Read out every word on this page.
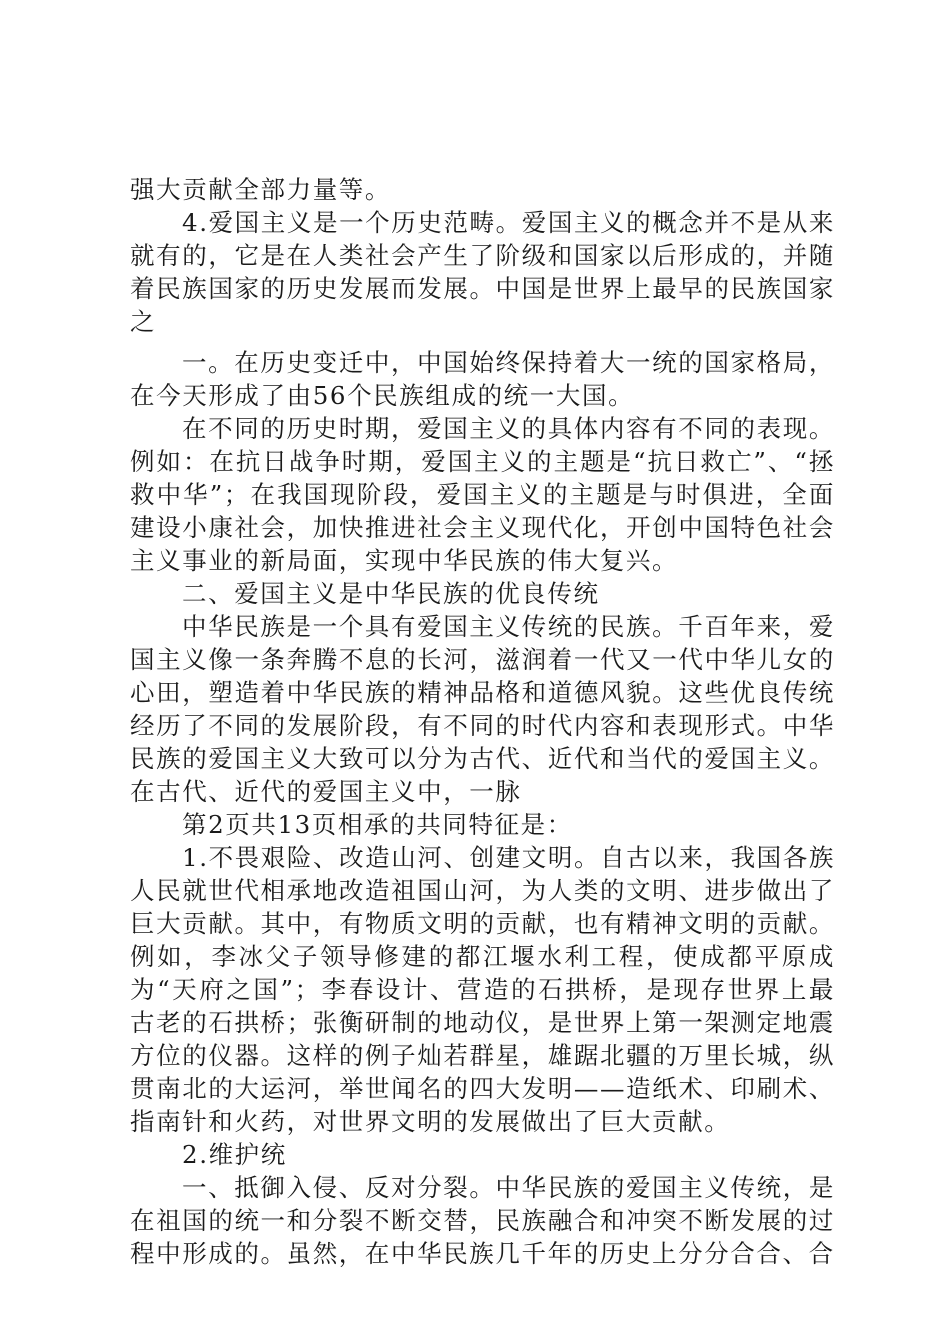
强大贡献全部力量等。

4.爱国主义是一个历史范畴。爱国主义的概念并不是从来就有的，它是在人类社会产生了阶级和国家以后形成的，并随着民族国家的历史发展而发展。中国是世界上最早的民族国家之

一。在历史变迁中，中国始终保持着大一统的国家格局，在今天形成了由56个民族组成的统一大国。

在不同的历史时期，爱国主义的具体内容有不同的表现。例如：在抗日战争时期，爱国主义的主题是“抗日救亡”、“拯救中华”；在我国现阶段，爱国主义的主题是与时俱进，全面建设小康社会，加快推进社会主义现代化，开创中国特色社会主义事业的新局面，实现中华民族的伟大复兴。

二、爱国主义是中华民族的优良传统

中华民族是一个具有爱国主义传统的民族。千百年来，爱国主义像一条奔腾不息的长河，滋润着一代又一代中华儿女的心田，塑造着中华民族的精神品格和道德风貌。这些优良传统经历了不同的发展阶段，有不同的时代内容和表现形式。中华民族的爱国主义大致可以分为古代、近代和当代的爱国主义。在古代、近代的爱国主义中，一脉

第2页共13页相承的共同特征是：

1.不畏艰险、改造山河、创建文明。自古以来，我国各族人民就世代相承地改造祖国山河，为人类的文明、进步做出了巨大贡献。其中，有物质文明的贡献，也有精神文明的贡献。例如，李冰父子领导修建的都江堰水利工程，使成都平原成为“天府之国”；李春设计、营造的石拱桥，是现存世界上最古老的石拱桥；张衡研制的地动仪，是世界上第一架测定地震方位的仪器。这样的例子灿若群星，雄踞北疆的万里长城，纵贯南北的大运河，举世闻名的四大发明——造纸术、印刷术、指南针和火药，对世界文明的发展做出了巨大贡献。

2.维护统

一、抵御入侵、反对分裂。中华民族的爱国主义传统，是在祖国的统一和分裂不断交替，民族融合和冲突不断发展的过程中形成的。虽然，在中华民族几千年的历史上分分合合、合
